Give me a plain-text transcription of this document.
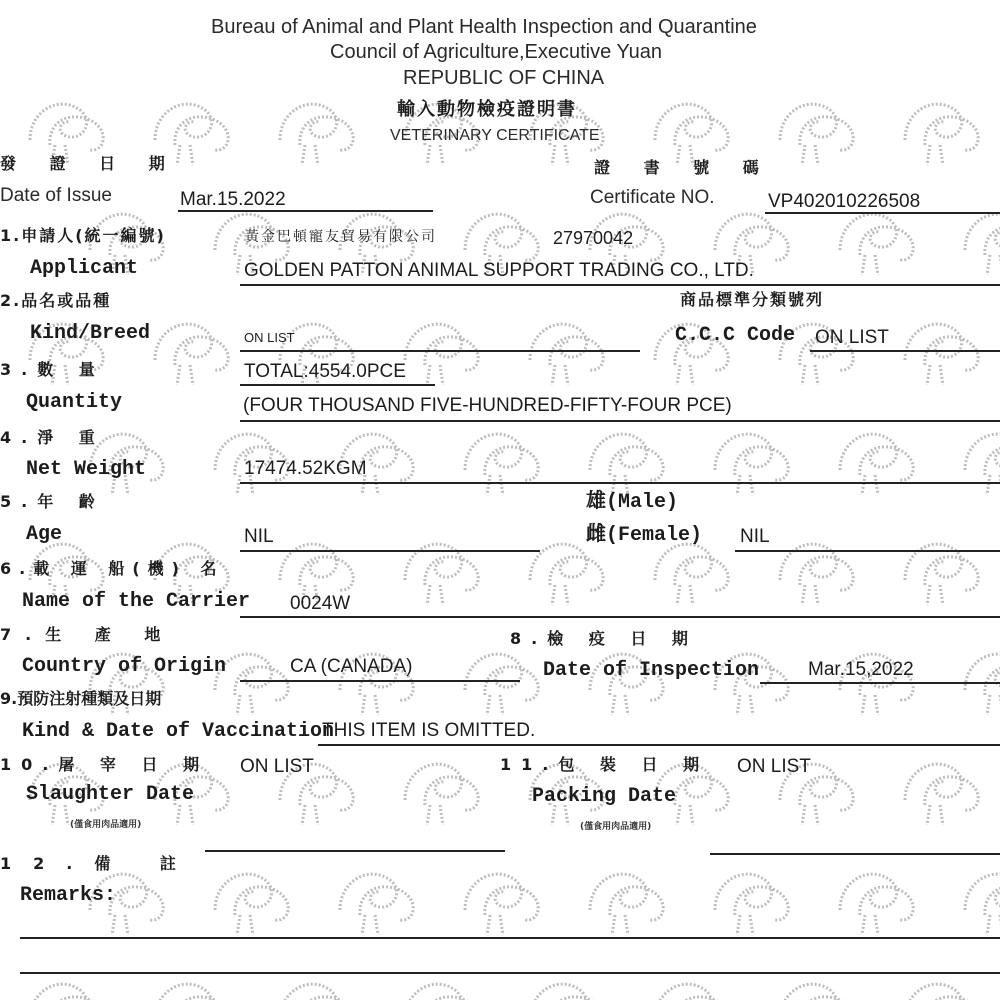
Bureau of Animal and Plant Health Inspection and Quarantine
Council of Agriculture,Executive Yuan
REPUBLIC OF CHINA
輸入動物檢疫證明書
VETERINARY CERTIFICATE
發 證 日 期
Date of Issue	Mar.15.2022
證 書 號 碼
Certificate NO.	VP402010226508
1.申請人(統一編號)
Applicant
黃金巴頓寵友貿易有限公司	27970042
GOLDEN PATTON ANIMAL SUPPORT TRADING CO., LTD.
2.品名或品種
Kind/Breed	ON LIST
商品標準分類號列
C.C.C Code ON LIST
3.數 量
Quantity
TOTAL:4554.0PCE
(FOUR THOUSAND FIVE-HUNDRED-FIFTY-FOUR PCE)
4.淨 重
Net Weight	17474.52KGM
5.年 齡
Age	NIL
雄(Male)
雌(Female) NIL
6.載 運 船(機) 名
Name of the Carrier 0024W
7.生 產 地
Country of Origin	CA (CANADA)
8.檢 疫 日 期
Date of Inspection	Mar.15,2022
9.預防注射種類及日期
Kind & Date of Vaccination
THIS ITEM IS OMITTED.
10.屠 宰 日 期 ON LIST
Slaughter Date
(僅食用肉品適用)
11.包 裝 日 期 ON LIST
Packing Date
(僅食用肉品適用)
12.備 註
Remarks:
